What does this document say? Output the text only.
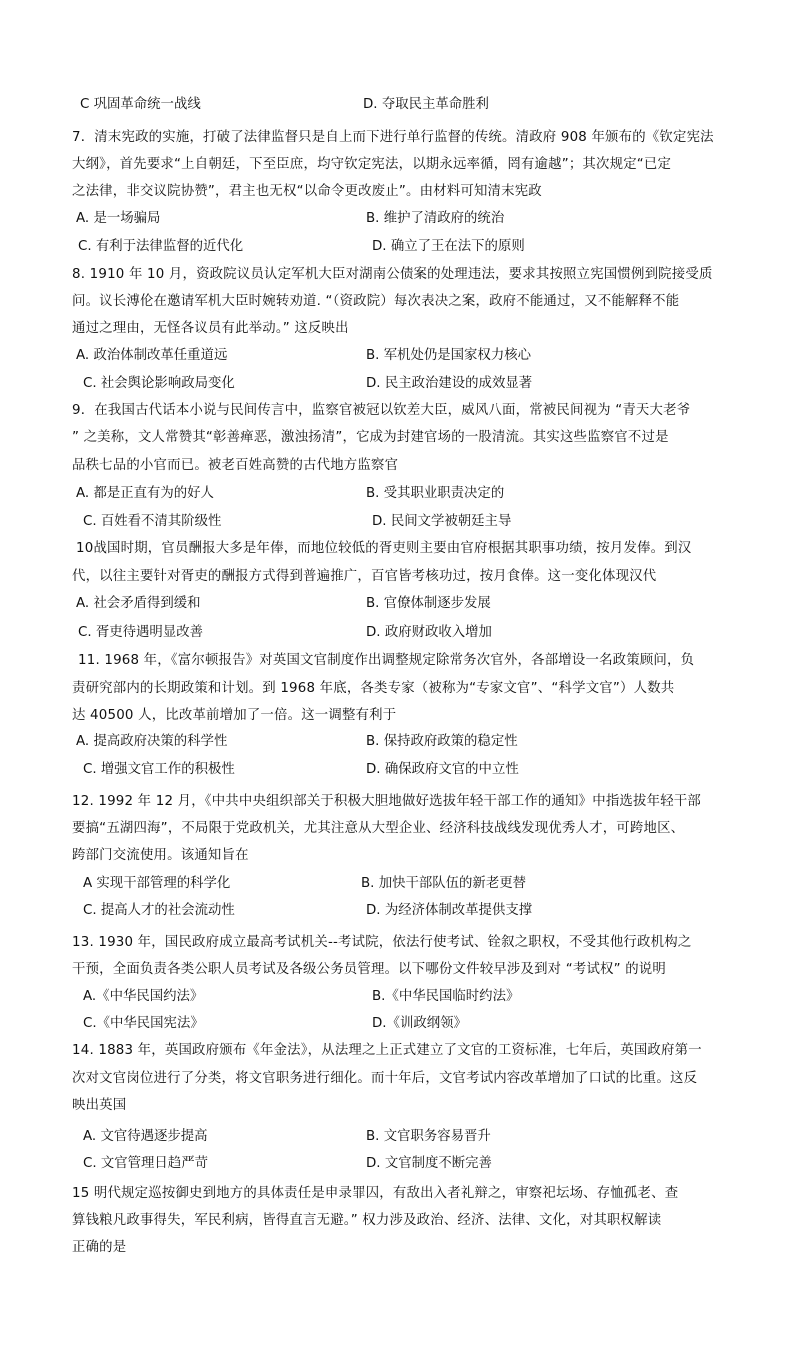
C 巩固革命统一战线	D. 夺取民主革命胜利
7．清末宪政的实施，打破了法律监督只是自上而下进行单行监督的传统。清政府 908 年颁布的《钦定宪法
大纲》，首先要求“上自朝廷，下至臣庶，均守钦定宪法，以期永远率循，罔有逾越”；其次规定“已定
之法律，非交议院协赞”，君主也无权“以命令更改废止”。由材料可知清末宪政
A. 是一场骗局	B. 维护了清政府的统治
C. 有利于法律监督的近代化	D. 确立了王在法下的原则
8. 1910 年 10 月，资政院议员认定军机大臣对湖南公债案的处理违法，要求其按照立宪国惯例到院接受质
问。议长溥伦在邀请军机大臣时婉转劝道. “（资政院）每次表决之案，政府不能通过，又不能解释不能
通过之理由，无怪各议员有此举动。” 这反映出
A. 政治体制改革任重道远	B. 军机处仍是国家权力核心
C. 社会舆论影响政局变化	D. 民主政治建设的成效显著
9．在我国古代话本小说与民间传言中，监察官被冠以钦差大臣，威风八面，常被民间视为 “青天大老爷
” 之美称，文人常赞其“彰善瘅恶，激浊扬清”，它成为封建官场的一股清流。其实这些监察官不过是
品秩七品的小官而已。被老百姓高赞的古代地方监察官
A. 都是正直有为的好人	B. 受其职业职责决定的
C. 百姓看不清其阶级性	D. 民间文学被朝廷主导
10战国时期，官员酬报大多是年俸，而地位较低的胥吏则主要由官府根据其职事功绩，按月发俸。到汉
代，以往主要针对胥吏的酬报方式得到普遍推广，百官皆考核功过，按月食俸。这一变化体现汉代
A. 社会矛盾得到缓和	B. 官僚体制逐步发展
C. 胥吏待遇明显改善	D. 政府财政收入增加
11. 1968 年，《富尔顿报告》对英国文官制度作出调整规定除常务次官外，各部增设一名政策顾问，负
责研究部内的长期政策和计划。到 1968 年底，各类专家（被称为“专家文官”、“科学文官”）人数共
达 40500 人，比改革前增加了一倍。这一调整有利于
A. 提高政府决策的科学性	B. 保持政府政策的稳定性
C. 增强文官工作的积极性	D. 确保政府文官的中立性
12. 1992 年 12 月，《中共中央组织部关于积极大胆地做好选拔年轻干部工作的通知》中指选拔年轻干部
要搞“五湖四海”，不局限于党政机关，尤其注意从大型企业、经济科技战线发现优秀人才，可跨地区、
跨部门交流使用。该通知旨在
A 实现干部管理的科学化	B. 加快干部队伍的新老更替
C. 提高人才的社会流动性	D. 为经济体制改革提供支撑
13. 1930 年，国民政府成立最高考试机关--考试院，依法行使考试、铨叙之职权，不受其他行政机构之
干预，全面负责各类公职人员考试及各级公务员管理。以下哪份文件较早涉及到对 “考试权” 的说明
A.《中华民国约法》	B.《中华民国临时约法》
C.《中华民国宪法》	D.《训政纲领》
14. 1883 年，英国政府颁布《年金法》，从法理之上正式建立了文官的工资标准，七年后，英国政府第一
次对文官岗位进行了分类，将文官职务进行细化。而十年后，文官考试内容改革增加了口试的比重。这反
映出英国
A. 文官待遇逐步提高	B. 文官职务容易晋升
C. 文官管理日趋严苛	D. 文官制度不断完善
15 明代规定巡按御史到地方的具体责任是申录罪囚，有敌出入者礼辩之，审察祀坛场、存恤孤老、查
算钱粮凡政事得失，军民利病，皆得直言无避。” 权力涉及政治、经济、法律、文化，对其职权解读
正确的是
